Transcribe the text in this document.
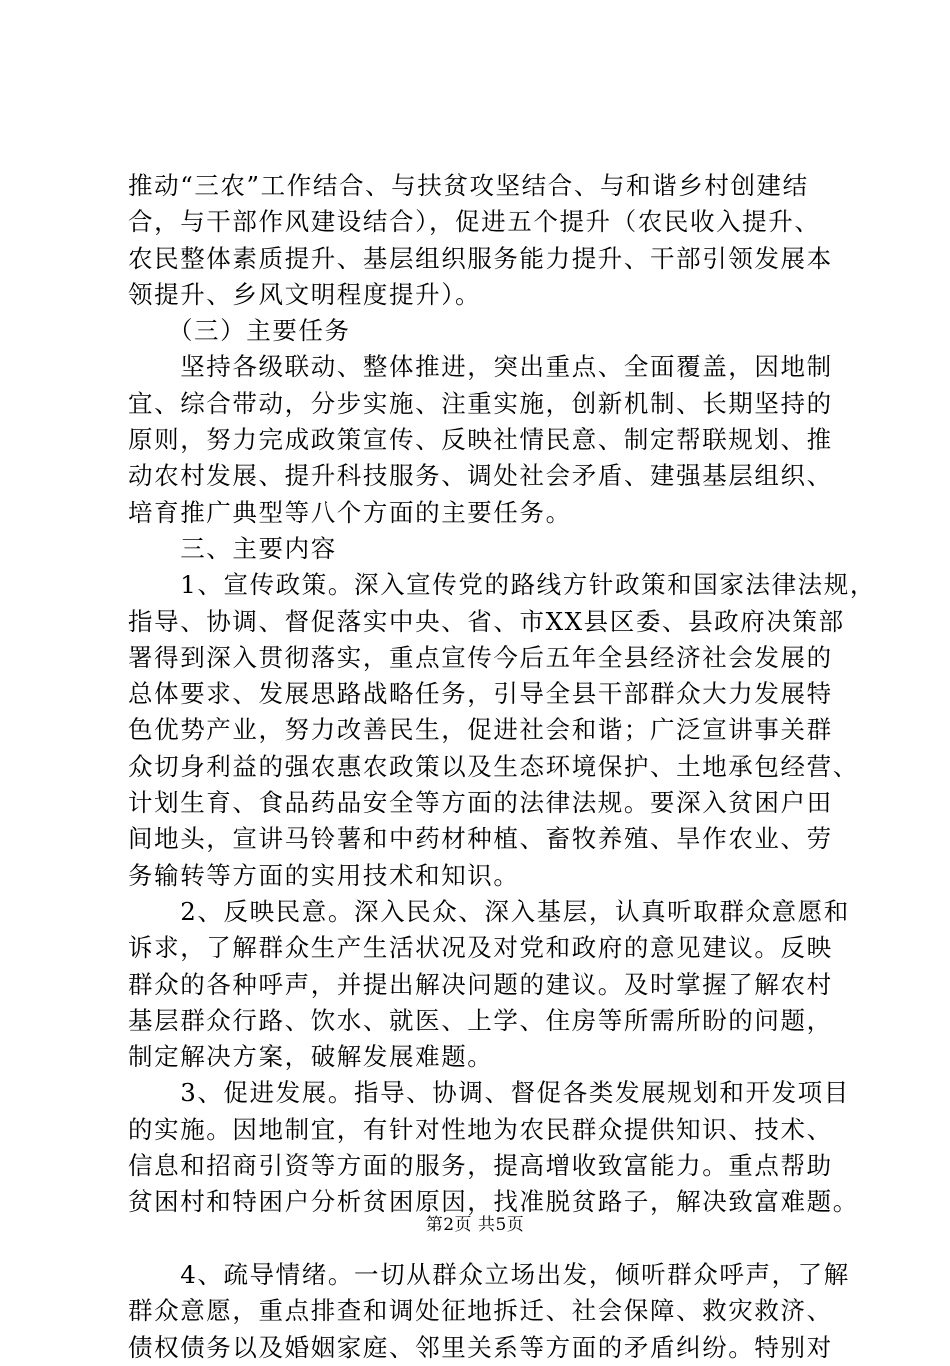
推动“三农”工作结合、与扶贫攻坚结合、与和谐乡村创建结
合，与干部作风建设结合），促进五个提升（农民收入提升、
农民整体素质提升、基层组织服务能力提升、干部引领发展本
领提升、乡风文明程度提升）。
　　（三）主要任务
　　坚持各级联动、整体推进，突出重点、全面覆盖，因地制
宜、综合带动，分步实施、注重实施，创新机制、长期坚持的
原则，努力完成政策宣传、反映社情民意、制定帮联规划、推
动农村发展、提升科技服务、调处社会矛盾、建强基层组织、
培育推广典型等八个方面的主要任务。
　　三、主要内容
　　1、宣传政策。深入宣传党的路线方针政策和国家法律法规，
指导、协调、督促落实中央、省、市XX县区委、县政府决策部
署得到深入贯彻落实，重点宣传今后五年全县经济社会发展的
总体要求、发展思路战略任务，引导全县干部群众大力发展特
色优势产业，努力改善民生，促进社会和谐；广泛宣讲事关群
众切身利益的强农惠农政策以及生态环境保护、土地承包经营、
计划生育、食品药品安全等方面的法律法规。要深入贫困户田
间地头，宣讲马铃薯和中药材种植、畜牧养殖、旱作农业、劳
务输转等方面的实用技术和知识。
　　2、反映民意。深入民众、深入基层，认真听取群众意愿和
诉求，了解群众生产生活状况及对党和政府的意见建议。反映
群众的各种呼声，并提出解决问题的建议。及时掌握了解农村
基层群众行路、饮水、就医、上学、住房等所需所盼的问题，
制定解决方案，破解发展难题。
　　3、促进发展。指导、协调、督促各类发展规划和开发项目
的实施。因地制宜，有针对性地为农民群众提供知识、技术、
信息和招商引资等方面的服务，提高增收致富能力。重点帮助
贫困村和特困户分析贫困原因，找准脱贫路子，解决致富难题。
　　4、疏导情绪。一切从群众立场出发，倾听群众呼声，了解
群众意愿，重点排查和调处征地拆迁、社会保障、救灾救济、
债权债务以及婚姻家庭、邻里关系等方面的矛盾纠纷。特别对
第2页 共5页
